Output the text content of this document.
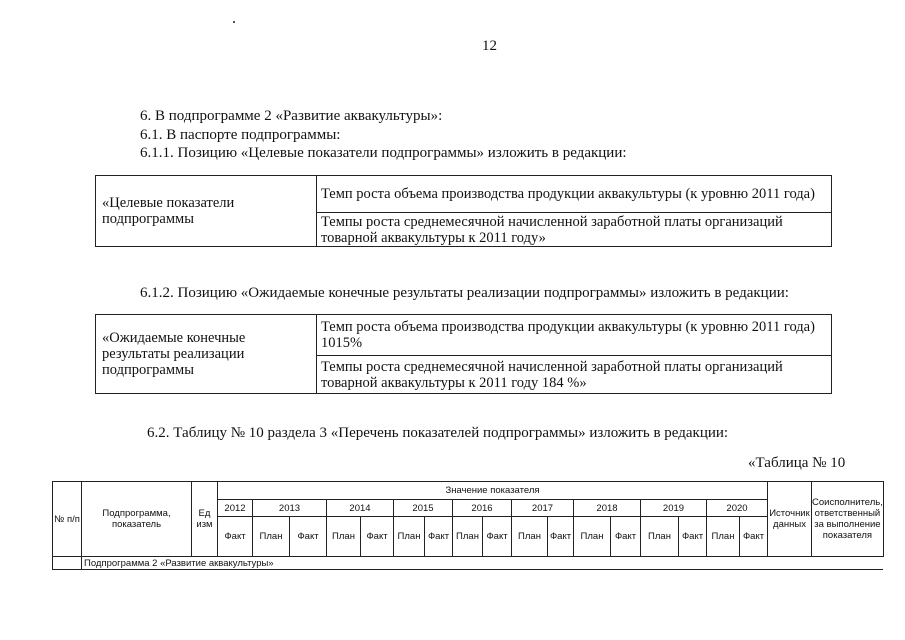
12
6. В подпрограмме 2 «Развитие аквакультуры»:
6.1. В паспорте подпрограммы:
6.1.1. Позицию «Целевые показатели подпрограммы» изложить в редакции:
«Целевые показатели подпрограммы	Темп роста объема производства продукции аквакультуры (к уровню 2011 года)
Темпы роста среднемесячной начисленной заработной платы организаций товарной аквакультуры к 2011 году»
6.1.2. Позицию «Ожидаемые конечные результаты реализации подпрограммы» изложить в редакции:
«Ожидаемые конечные результаты реализации подпрограммы	Темп роста объема производства продукции аквакультуры (к уровню 2011 года) 1015%
Темпы роста среднемесячной начисленной заработной платы организаций товарной аквакультуры к 2011 году 184 %»
6.2. Таблицу № 10 раздела 3 «Перечень показателей подпрограммы» изложить в редакции:
«Таблица № 10
№ п/п	Подпрограмма, показатель	Ед изм	Значение показателя																	Источник данных	Соисполнитель, ответственный за выполнение показателя
			2012	2013		2014		2015		2016		2017		2018		2019		2020			
			Факт	План	Факт	План	Факт	План	Факт	План	Факт	План	Факт	План	Факт	План	Факт	План	Факт		
	Подпрограмма 2 «Развитие аквакультуры»																				
